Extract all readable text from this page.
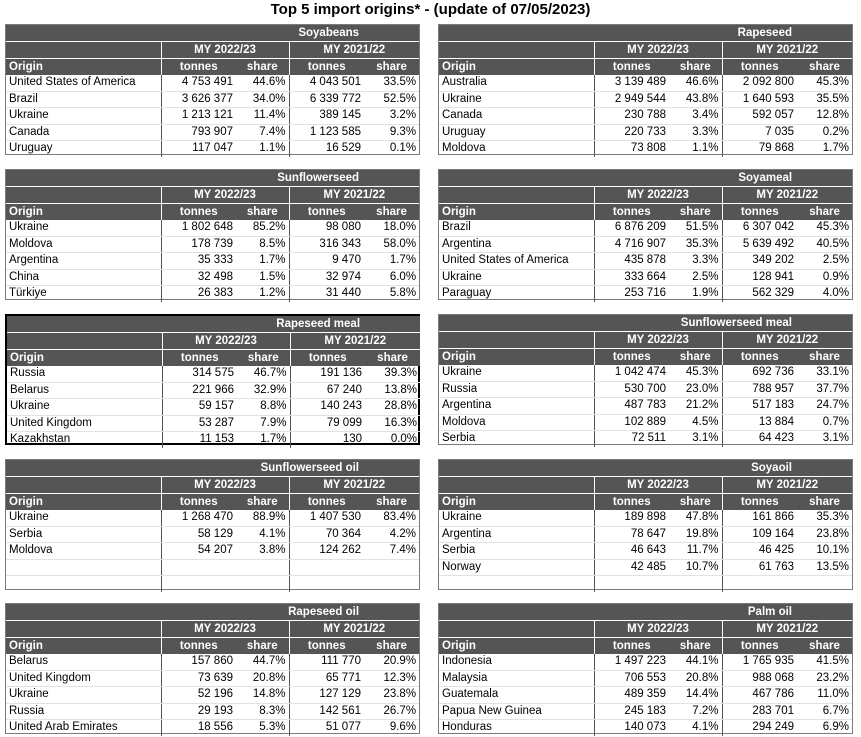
Top 5 import origins* - (update of 07/05/2023)
Soyabeans				
	MY 2022/23		MY 2021/22	
Origin	tonnes	share	tonnes	share
United States of America	4 753 491	44.6%	4 043 501	33.5%
Brazil	3 626 377	34.0%	6 339 772	52.5%
Ukraine	1 213 121	11.4%	389 145	3.2%
Canada	793 907	7.4%	1 123 585	9.3%
Uruguay	117 047	1.1%	16 529	0.1%
Rapeseed				
	MY 2022/23		MY 2021/22	
Origin	tonnes	share	tonnes	share
Australia	3 139 489	46.6%	2 092 800	45.3%
Ukraine	2 949 544	43.8%	1 640 593	35.5%
Canada	230 788	3.4%	592 057	12.8%
Uruguay	220 733	3.3%	7 035	0.2%
Moldova	73 808	1.1%	79 868	1.7%
Sunflowerseed				
	MY 2022/23		MY 2021/22	
Origin	tonnes	share	tonnes	share
Ukraine	1 802 648	85.2%	98 080	18.0%
Moldova	178 739	8.5%	316 343	58.0%
Argentina	35 333	1.7%	9 470	1.7%
China	32 498	1.5%	32 974	6.0%
Türkiye	26 383	1.2%	31 440	5.8%
Soyameal				
	MY 2022/23		MY 2021/22	
Origin	tonnes	share	tonnes	share
Brazil	6 876 209	51.5%	6 307 042	45.3%
Argentina	4 716 907	35.3%	5 639 492	40.5%
United States of America	435 878	3.3%	349 202	2.5%
Ukraine	333 664	2.5%	128 941	0.9%
Paraguay	253 716	1.9%	562 329	4.0%
Rapeseed meal				
	MY 2022/23		MY 2021/22	
Origin	tonnes	share	tonnes	share
Russia	314 575	46.7%	191 136	39.3%
Belarus	221 966	32.9%	67 240	13.8%
Ukraine	59 157	8.8%	140 243	28.8%
United Kingdom	53 287	7.9%	79 099	16.3%
Kazakhstan	11 153	1.7%	130	0.0%
Sunflowerseed meal				
	MY 2022/23		MY 2021/22	
Origin	tonnes	share	tonnes	share
Ukraine	1 042 474	45.3%	692 736	33.1%
Russia	530 700	23.0%	788 957	37.7%
Argentina	487 783	21.2%	517 183	24.7%
Moldova	102 889	4.5%	13 884	0.7%
Serbia	72 511	3.1%	64 423	3.1%
Sunflowerseed oil				
	MY 2022/23		MY 2021/22	
Origin	tonnes	share	tonnes	share
Ukraine	1 268 470	88.9%	1 407 530	83.4%
Serbia	58 129	4.1%	70 364	4.2%
Moldova	54 207	3.8%	124 262	7.4%

Soyaoil				
	MY 2022/23		MY 2021/22	
Origin	tonnes	share	tonnes	share
Ukraine	189 898	47.8%	161 866	35.3%
Argentina	78 647	19.8%	109 164	23.8%
Serbia	46 643	11.7%	46 425	10.1%
Norway	42 485	10.7%	61 763	13.5%

Rapeseed oil				
	MY 2022/23		MY 2021/22	
Origin	tonnes	share	tonnes	share
Belarus	157 860	44.7%	111 770	20.9%
United Kingdom	73 639	20.8%	65 771	12.3%
Ukraine	52 196	14.8%	127 129	23.8%
Russia	29 193	8.3%	142 561	26.7%
United Arab Emirates	18 556	5.3%	51 077	9.6%
Palm oil				
	MY 2022/23		MY 2021/22	
Origin	tonnes	share	tonnes	share
Indonesia	1 497 223	44.1%	1 765 935	41.5%
Malaysia	706 553	20.8%	988 068	23.2%
Guatemala	489 359	14.4%	467 786	11.0%
Papua New Guinea	245 183	7.2%	283 701	6.7%
Honduras	140 073	4.1%	294 249	6.9%
